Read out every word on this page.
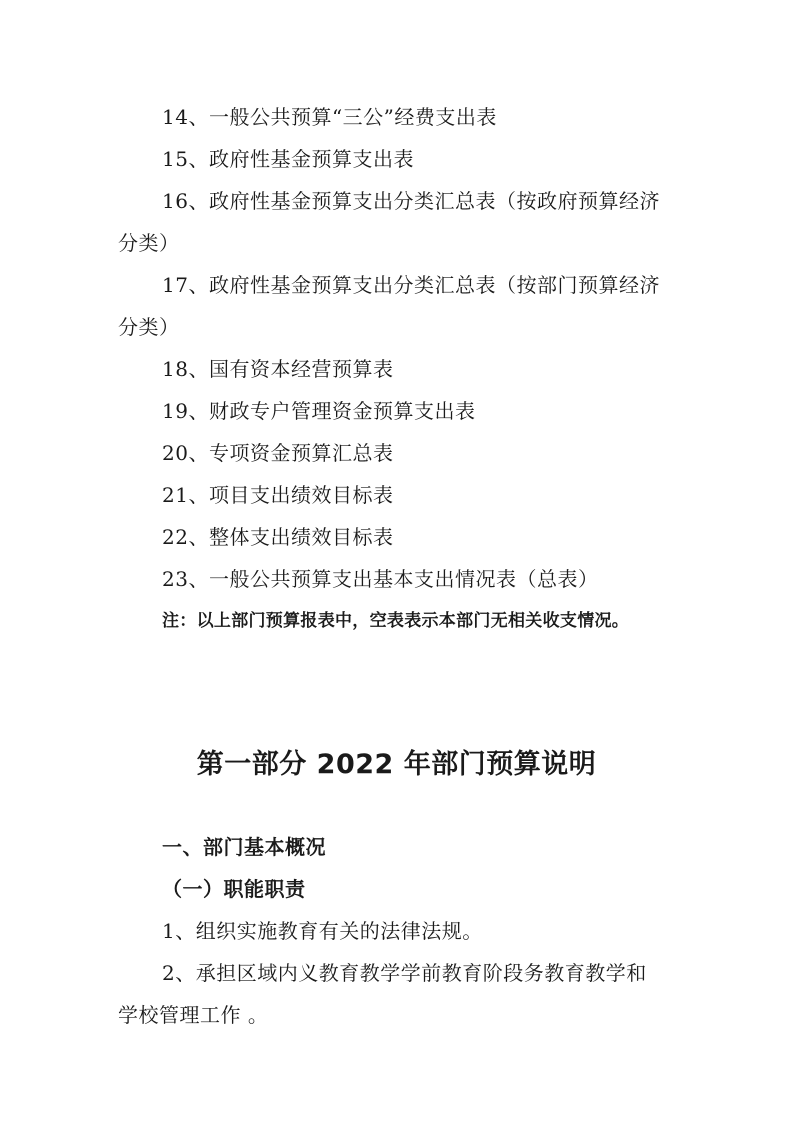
14、一般公共预算“三公”经费支出表
15、政府性基金预算支出表
16、政府性基金预算支出分类汇总表（按政府预算经济
分类）
17、政府性基金预算支出分类汇总表（按部门预算经济
分类）
18、国有资本经营预算表
19、财政专户管理资金预算支出表
20、专项资金预算汇总表
21、项目支出绩效目标表
22、整体支出绩效目标表
23、一般公共预算支出基本支出情况表（总表）
注：以上部门预算报表中，空表表示本部门无相关收支情况。
第一部分 2022 年部门预算说明
一、部门基本概况
（一）职能职责
1、组织实施教育有关的法律法规。
2、承担区域内义教育教学学前教育阶段务教育教学和
学校管理工作 。
